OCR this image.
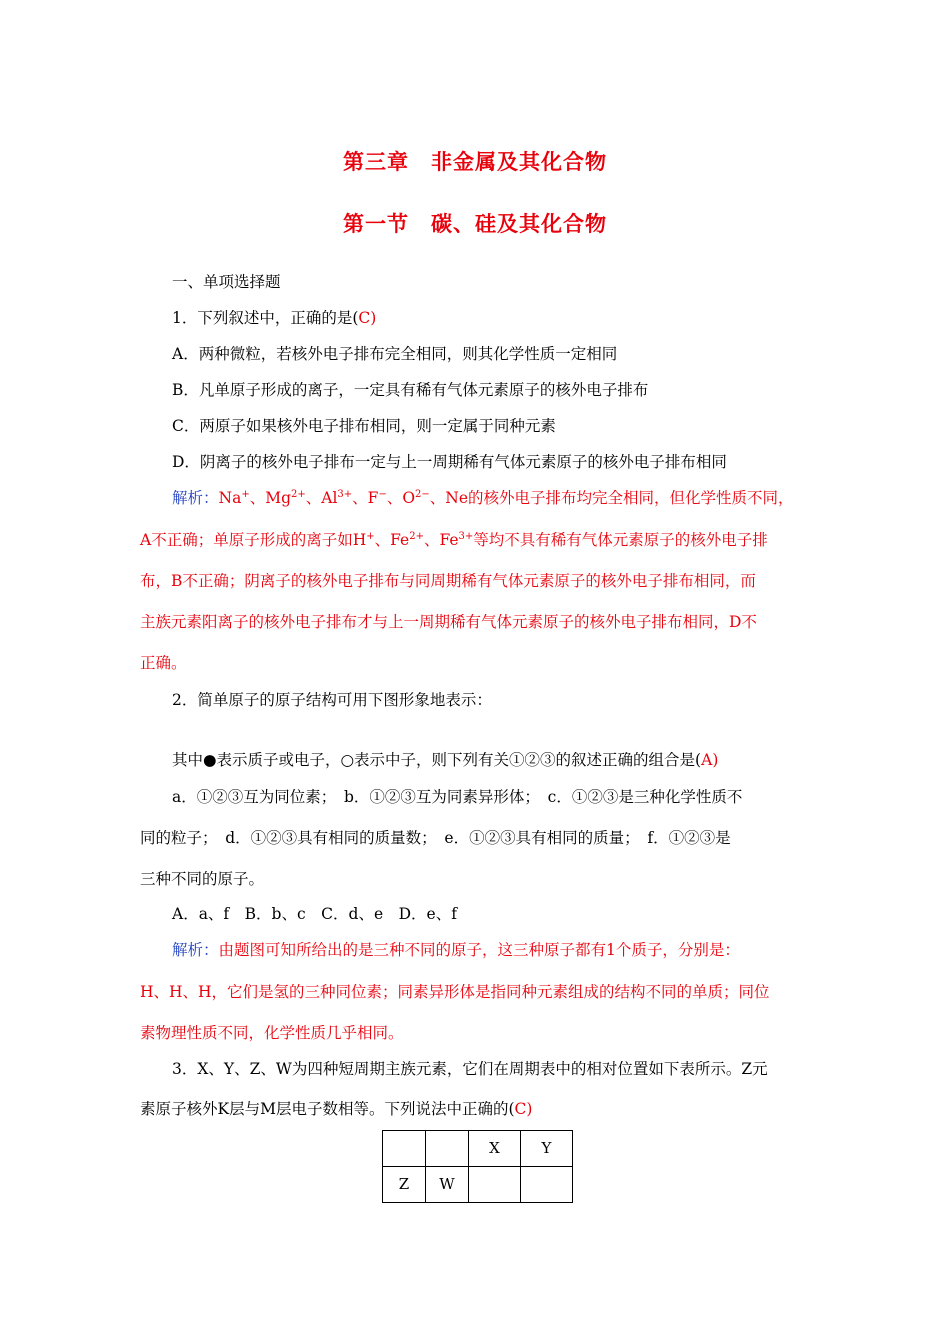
第三章　非金属及其化合物
第一节　碳、硅及其化合物
一、单项选择题
1．下列叙述中，正确的是(C)
A．两种微粒，若核外电子排布完全相同，则其化学性质一定相同
B．凡单原子形成的离子，一定具有稀有气体元素原子的核外电子排布
C．两原子如果核外电子排布相同，则一定属于同种元素
D．阴离子的核外电子排布一定与上一周期稀有气体元素原子的核外电子排布相同
解析：Na+、$Mg^{2+}$、$Al^{3+}$、F−、$O^{2-}$、Ne的核外电子排布均完全相同，但化学性质不同，
A不正确；单原子形成的离子如H+、$Fe^{2+}$、$Fe^{3+}$等均不具有稀有气体元素原子的核外电子排
布，B不正确；阴离子的核外电子排布与同周期稀有气体元素原子的核外电子排布相同，而
主族元素阳离子的核外电子排布才与上一周期稀有气体元素原子的核外电子排布相同，D不
正确。
2．简单原子的原子结构可用下图形象地表示：
其中●表示质子或电子，○表示中子，则下列有关①②③的叙述正确的组合是(A)
a．①②③互为同位素；　b．①②③互为同素异形体；　c．①②③是三种化学性质不
同的粒子；　d．①②③具有相同的质量数；　e．①②③具有相同的质量；　f．①②③是
三种不同的原子。
A．a、f　B．b、c　C．d、e　D．e、f
解析：由题图可知所给出的是三种不同的原子，这三种原子都有1个质子，分别是：
H、H、H，它们是氢的三种同位素；同素异形体是指同种元素组成的结构不同的单质；同位
素物理性质不同，化学性质几乎相同。
3．X、Y、Z、W为四种短周期主族元素，它们在周期表中的相对位置如下表所示。Z元
素原子核外K层与M层电子数相等。下列说法中正确的(C)
		X	Y
Z	W		
